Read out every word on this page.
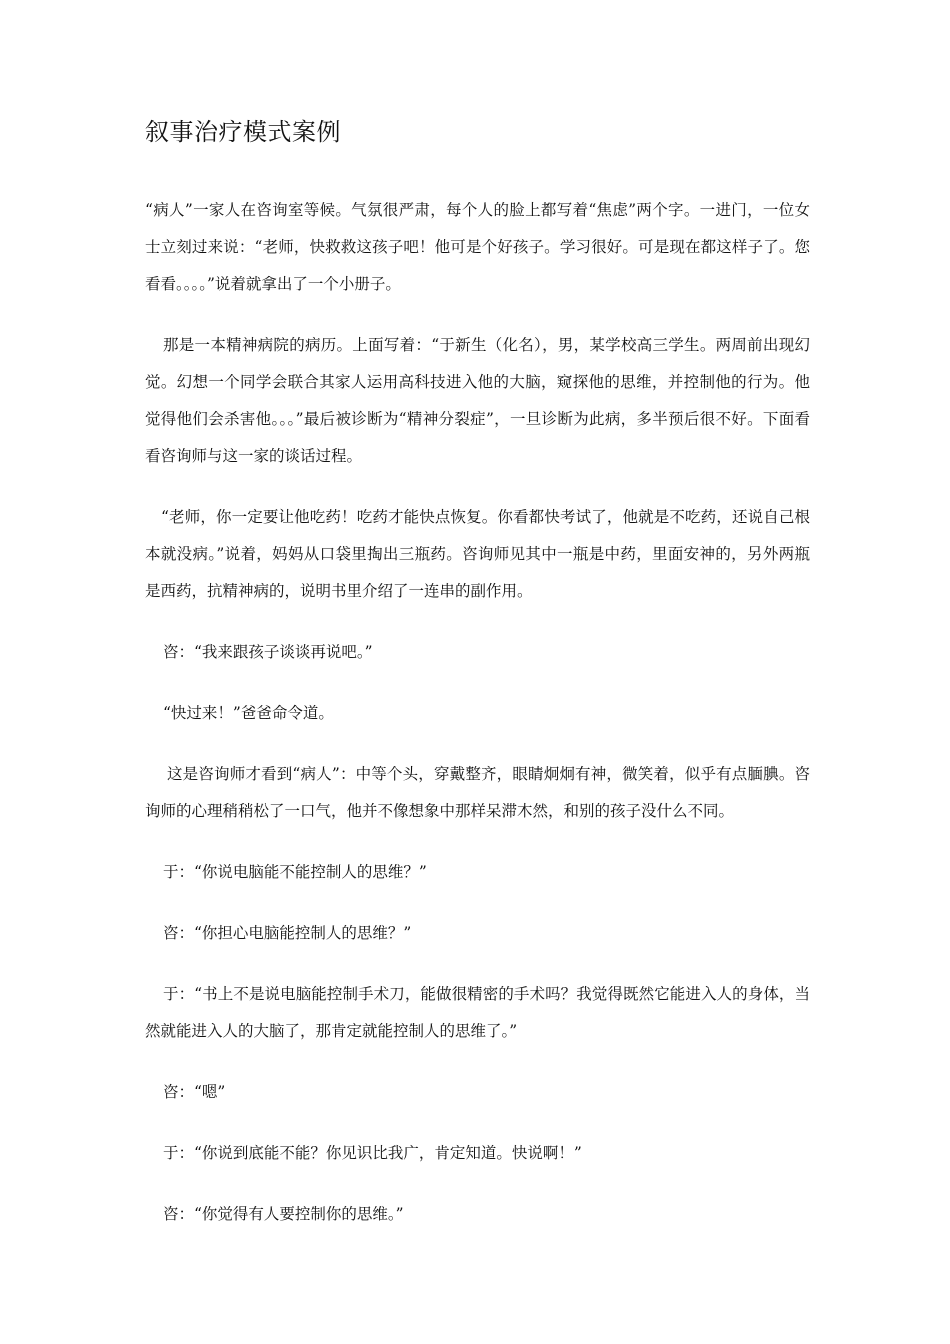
叙事治疗模式案例

“病人”一家人在咨询室等候。气氛很严肃，每个人的脸上都写着“焦虑”两个字。一进门，一位女士立刻过来说：“老师，快救救这孩子吧！他可是个好孩子。学习很好。可是现在都这样子了。您看看。。。。”说着就拿出了一个小册子。

那是一本精神病院的病历。上面写着：“于新生（化名），男，某学校高三学生。两周前出现幻觉。幻想一个同学会联合其家人运用高科技进入他的大脑，窥探他的思维，并控制他的行为。他觉得他们会杀害他。。。”最后被诊断为“精神分裂症”，一旦诊断为此病，多半预后很不好。下面看看咨询师与这一家的谈话过程。

“老师，你一定要让他吃药！吃药才能快点恢复。你看都快考试了，他就是不吃药，还说自己根本就没病。”说着，妈妈从口袋里掏出三瓶药。咨询师见其中一瓶是中药，里面安神的，另外两瓶是西药，抗精神病的，说明书里介绍了一连串的副作用。

咨：“我来跟孩子谈谈再说吧。”

“快过来！”爸爸命令道。

这是咨询师才看到“病人”：中等个头，穿戴整齐，眼睛炯炯有神，微笑着，似乎有点腼腆。咨询师的心理稍稍松了一口气，他并不像想象中那样呆滞木然，和别的孩子没什么不同。

于：“你说电脑能不能控制人的思维？”

咨：“你担心电脑能控制人的思维？”

于：“书上不是说电脑能控制手术刀，能做很精密的手术吗？我觉得既然它能进入人的身体，当然就能进入人的大脑了，那肯定就能控制人的思维了。”

咨：“嗯”

于：“你说到底能不能？你见识比我广，肯定知道。快说啊！”

咨：“你觉得有人要控制你的思维。”
